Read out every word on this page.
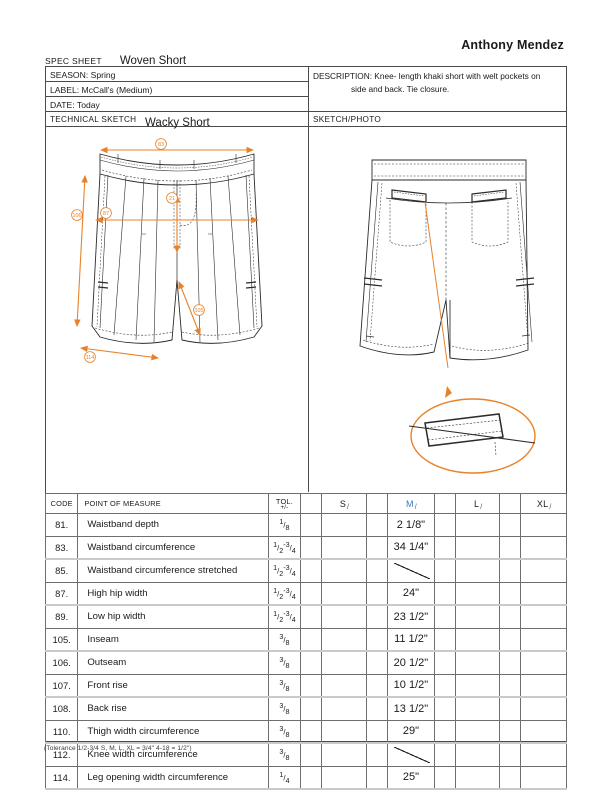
Anthony Mendez
SPEC SHEET Woven Short
SEASON: Spring
LABEL: McCall's (Medium)
DATE: Today
DESCRIPTION: Knee- length khaki short with welt pockets on
side and back. Tie closure.
TECHNICAL SKETCH Wacky Short	SKETCH/PHOTO
83
106	87
21
105
114
CODE	POINT OF MEASURE	TOL.
+/-		$S_/$		$M_/$		$L_/$		$XL_/$
81.	Waistband depth	$^1/_8$				2 1/8"				
83.	Waistband circumference	$^1/_2^{-3}/_4$				34 1/4"				
85.	Waistband circumference stretched	$^1/_2^{-3}/_4$								
87.	High hip width	$^1/_2^{-3}/_4$				24"				
89.	Low hip width	$^1/_2^{-3}/_4$				23 1/2"				
105.	Inseam	$^3/_8$				11 1/2"				
106.	Outseam	$^3/_8$				20 1/2"				
107.	Front rise	$^3/_8$				10 1/2"				
108.	Back rise	$^3/_8$				13 1/2"				
110.	Thigh width circumference	$^3/_8$				29"				
112.	Knee width circumference	$^3/_8$								
114.	Leg opening width circumference	$^1/_4$				25"				
(Tolerance 1/2-3/4 S, M, L, XL = 3/4" 4-18 = 1/2")
